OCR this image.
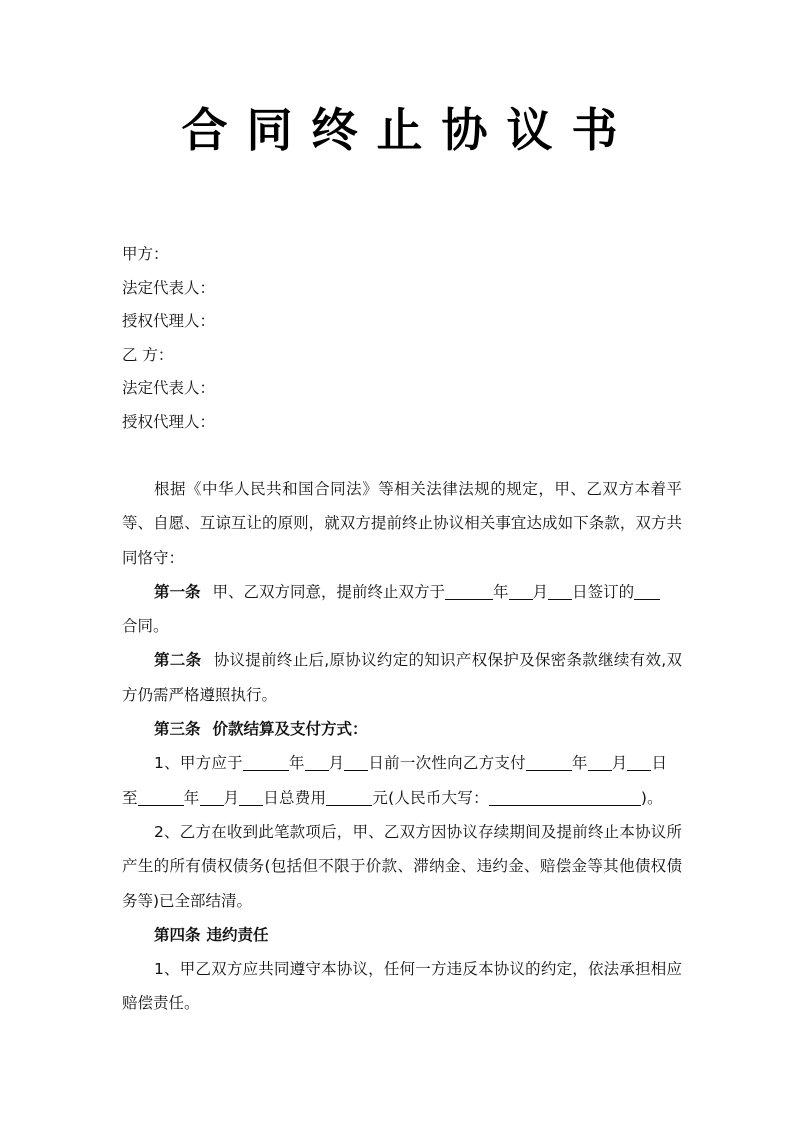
合同终止协议书
甲方：
法定代表人：
授权代理人：
乙 方：
法定代表人：
授权代理人：

根据《中华人民共和国合同法》等相关法律法规的规定，甲、乙双方本着平等、自愿、互谅互让的原则，就双方提前终止协议相关事宜达成如下条款，双方共同恪守：

第一条 甲、乙双方同意，提前终止双方于	年 月 日签订的
合同。

第二条 协议提前终止后,原协议约定的知识产权保护及保密条款继续有效,双方仍需严格遵照执行。

第三条 价款结算及支付方式：

1、甲方应于	年 月 日前一次性向乙方支付	年 月 日
至	年 月 日总费用	元(人民币大写：	)。

2、乙方在收到此笔款项后，甲、乙双方因协议存续期间及提前终止本协议所产生的所有债权债务(包括但不限于价款、滞纳金、违约金、赔偿金等其他债权债务等)已全部结清。

第四条 违约责任

1、甲乙双方应共同遵守本协议，任何一方违反本协议的约定，依法承担相应赔偿责任。
